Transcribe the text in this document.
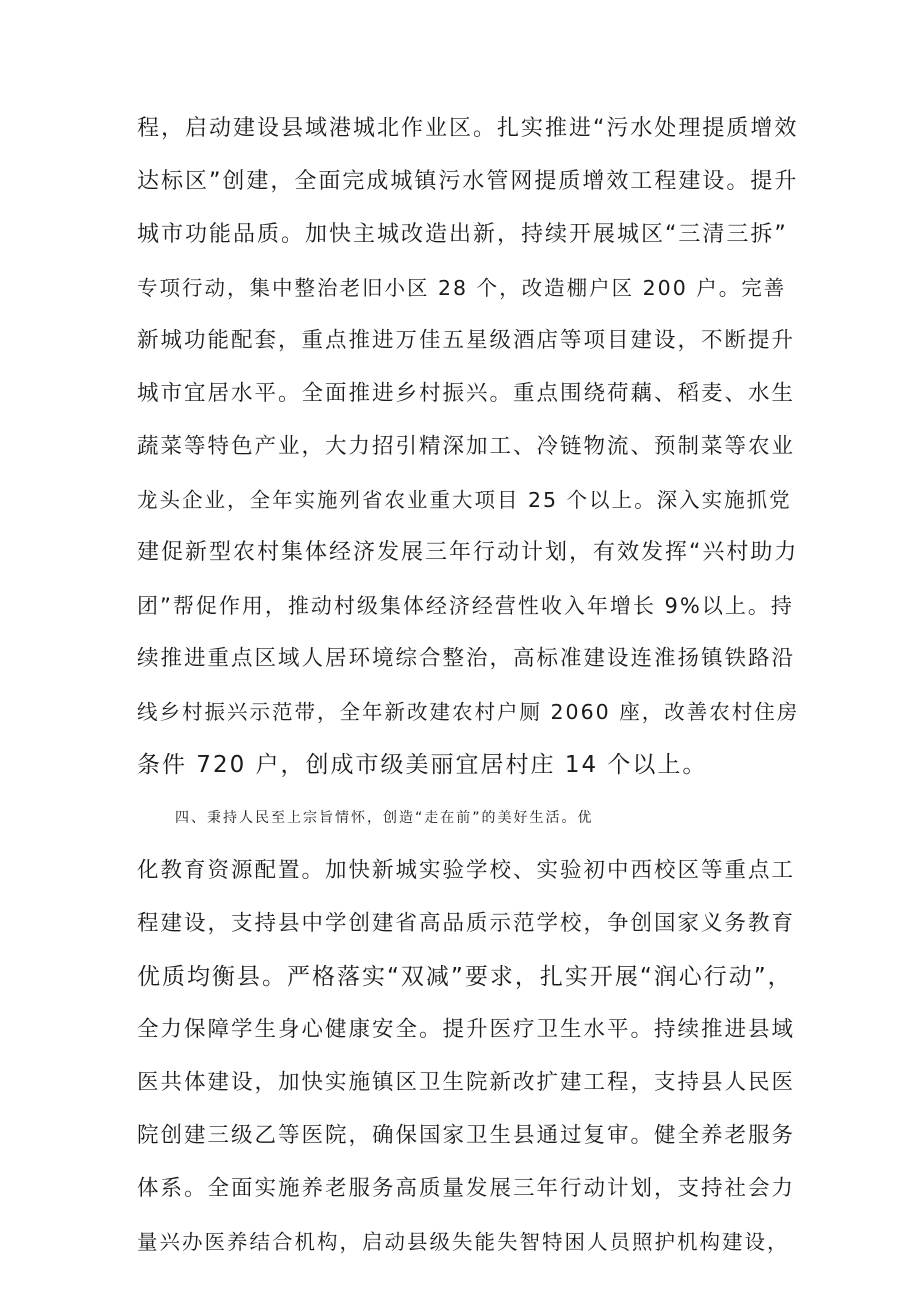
程，启动建设县域港城北作业区。扎实推进“污水处理提质增效
达标区”创建，全面完成城镇污水管网提质增效工程建设。提升
城市功能品质。加快主城改造出新，持续开展城区“三清三拆”
专项行动，集中整治老旧小区 28 个，改造棚户区 200 户。完善
新城功能配套，重点推进万佳五星级酒店等项目建设，不断提升
城市宜居水平。全面推进乡村振兴。重点围绕荷藕、稻麦、水生
蔬菜等特色产业，大力招引精深加工、冷链物流、预制菜等农业
龙头企业，全年实施列省农业重大项目 25 个以上。深入实施抓党
建促新型农村集体经济发展三年行动计划，有效发挥“兴村助力
团”帮促作用，推动村级集体经济经营性收入年增长 9%以上。持
续推进重点区域人居环境综合整治，高标准建设连淮扬镇铁路沿
线乡村振兴示范带，全年新改建农村户厕 2060 座，改善农村住房
条件 720 户，创成市级美丽宜居村庄 14 个以上。
四、秉持人民至上宗旨情怀，创造“走在前”的美好生活。优
化教育资源配置。加快新城实验学校、实验初中西校区等重点工
程建设，支持县中学创建省高品质示范学校，争创国家义务教育
优质均衡县。严格落实“双减”要求，扎实开展“润心行动”，
全力保障学生身心健康安全。提升医疗卫生水平。持续推进县域
医共体建设，加快实施镇区卫生院新改扩建工程，支持县人民医
院创建三级乙等医院，确保国家卫生县通过复审。健全养老服务
体系。全面实施养老服务高质量发展三年行动计划，支持社会力
量兴办医养结合机构，启动县级失能失智特困人员照护机构建设，
